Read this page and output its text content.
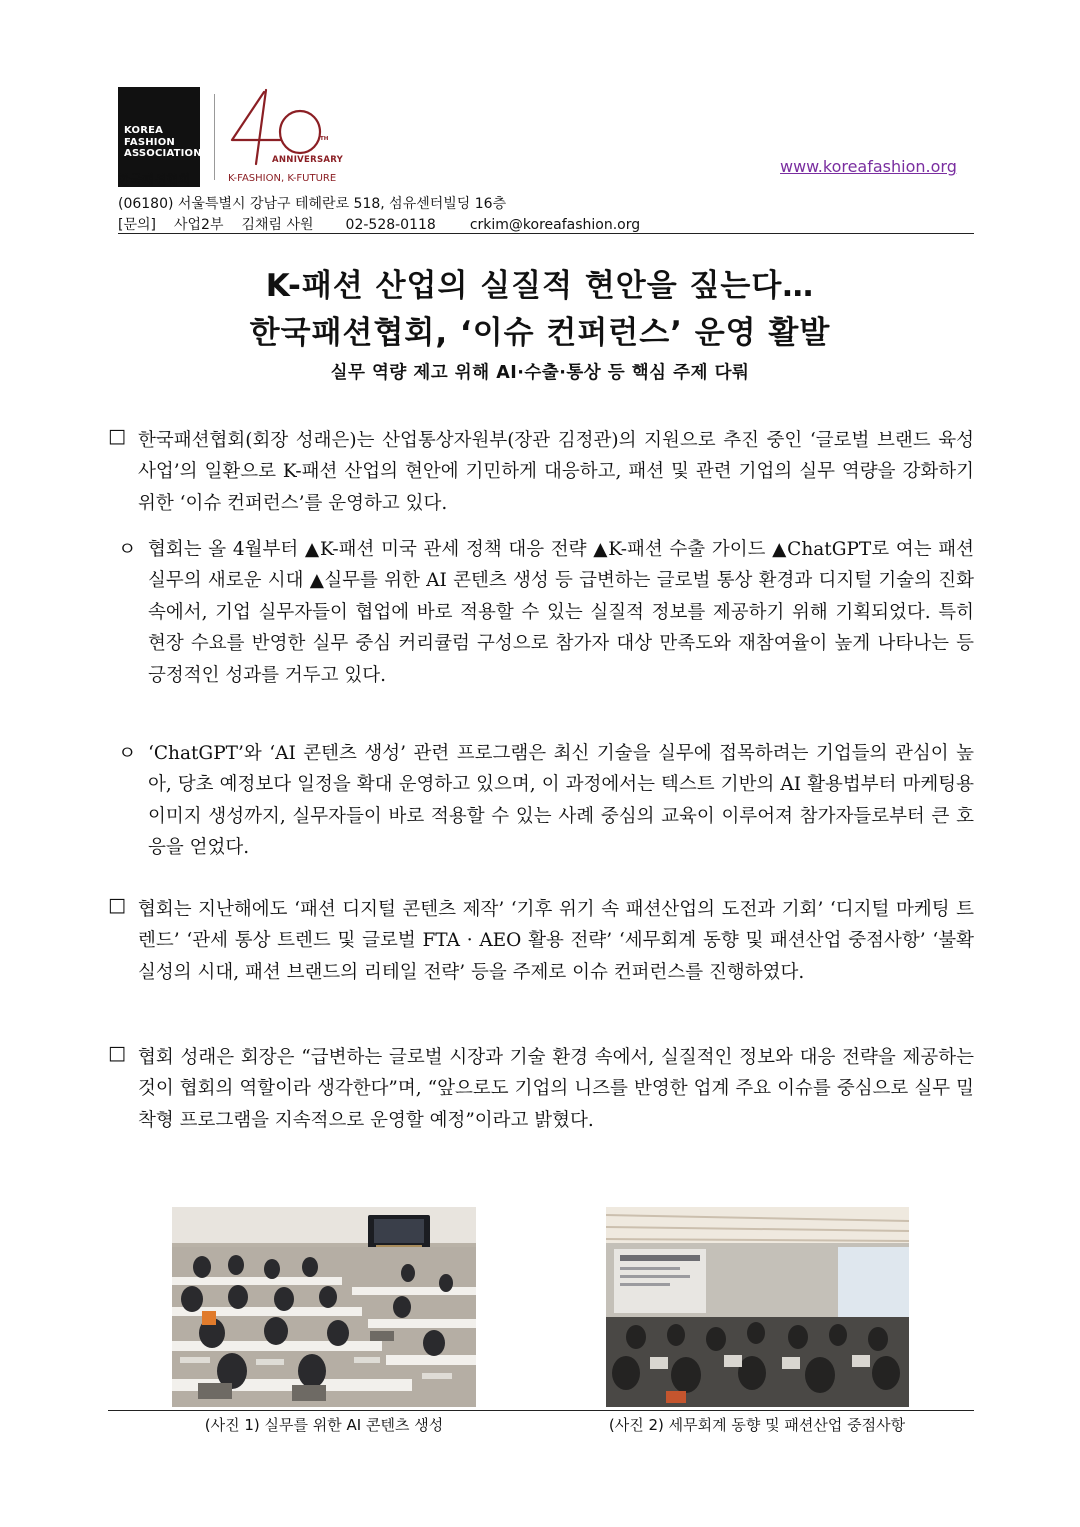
KOREA
FASHION
ASSOCIATION
한국패션협회
TH
ANNIVERSARY
K-FASHION, K-FUTURE
www.koreafashion.org
(06180) 서울특별시 강남구 테헤란로 518, 섬유센터빌딩 16층
[문의] 사업2부 김채림 사원 02-528-0118 crkim@koreafashion.org
K-패션 산업의 실질적 현안을 짚는다…
한국패션협회, ‘이슈 컨퍼런스’ 운영 활발
실무 역량 제고 위해 AI·수출·통상 등 핵심 주제 다뤄
□ 한국패션협회(회장 성래은)는 산업통상자원부(장관 김정관)의 지원으로 추진 중인 ‘글로벌 브랜드 육성 사업’의 일환으로 K-패션 산업의 현안에 기민하게 대응하고, 패션 및 관련 기업의 실무 역량을 강화하기 위한 ‘이슈 컨퍼런스’를 운영하고 있다.
ㅇ 협회는 올 4월부터 ▲K-패션 미국 관세 정책 대응 전략 ▲K-패션 수출 가이드 ▲ChatGPT로 여는 패션 실무의 새로운 시대 ▲실무를 위한 AI 콘텐츠 생성 등 급변하는 글로벌 통상 환경과 디지털 기술의 진화 속에서, 기업 실무자들이 협업에 바로 적용할 수 있는 실질적 정보를 제공하기 위해 기획되었다. 특히 현장 수요를 반영한 실무 중심 커리큘럼 구성으로 참가자 대상 만족도와 재참여율이 높게 나타나는 등 긍정적인 성과를 거두고 있다.
ㅇ ‘ChatGPT’와 ‘AI 콘텐츠 생성’ 관련 프로그램은 최신 기술을 실무에 접목하려는 기업들의 관심이 높아, 당초 예정보다 일정을 확대 운영하고 있으며, 이 과정에서는 텍스트 기반의 AI 활용법부터 마케팅용 이미지 생성까지, 실무자들이 바로 적용할 수 있는 사례 중심의 교육이 이루어져 참가자들로부터 큰 호응을 얻었다.
□ 협회는 지난해에도 ‘패션 디지털 콘텐츠 제작’ ‘기후 위기 속 패션산업의 도전과 기회’ ‘디지털 마케팅 트렌드’ ‘관세 통상 트렌드 및 글로벌 FTA · AEO 활용 전략’ ‘세무회계 동향 및 패션산업 중점사항’ ‘불확실성의 시대, 패션 브랜드의 리테일 전략’ 등을 주제로 이슈 컨퍼런스를 진행하였다.
□ 협회 성래은 회장은 “급변하는 글로벌 시장과 기술 환경 속에서, 실질적인 정보와 대응 전략을 제공하는 것이 협회의 역할이라 생각한다”며, “앞으로도 기업의 니즈를 반영한 업계 주요 이슈를 중심으로 실무 밀착형 프로그램을 지속적으로 운영할 예정”이라고 밝혔다.
(사진 1) 실무를 위한 AI 콘텐츠 생성	(사진 2) 세무회계 동향 및 패션산업 중점사항
